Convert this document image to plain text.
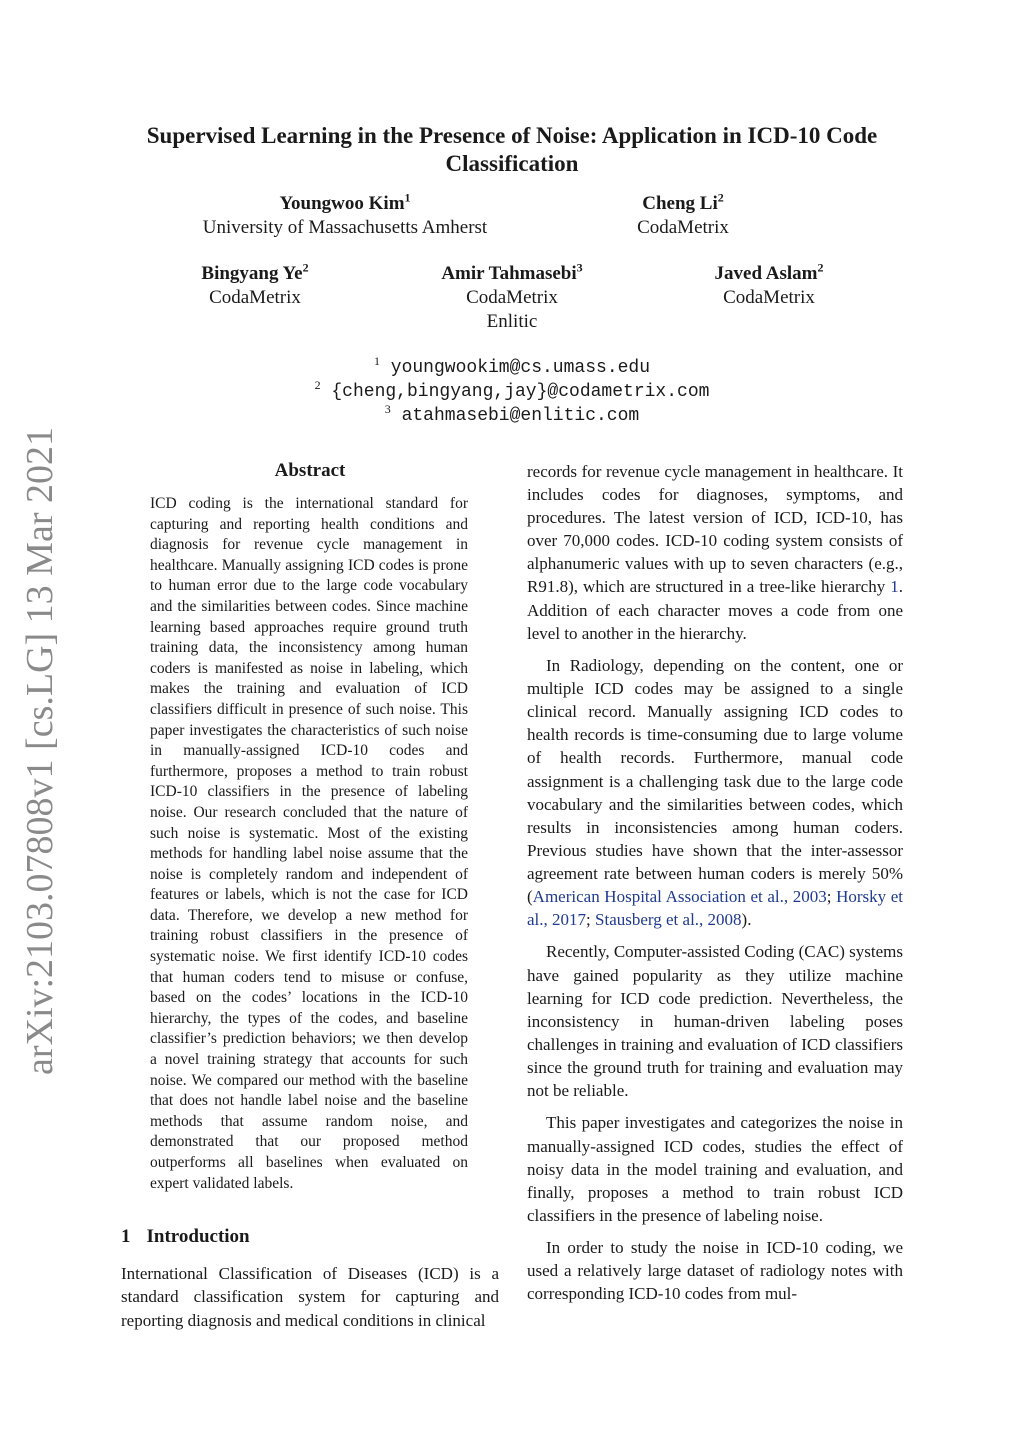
Supervised Learning in the Presence of Noise: Application in ICD-10 Code Classification
Youngwoo Kim$^1$
University of Massachusetts Amherst
Cheng Li$^2$
CodaMetrix
Bingyang Ye$^2$
CodaMetrix
Amir Tahmasebi$^3$
CodaMetrix
Enlitic
Javed Aslam$^2$
CodaMetrix
$^1$ youngwookim@cs.umass.edu
$^2$ {cheng,bingyang,jay}@codametrix.com
$^3$ atahmasebi@enlitic.com
arXiv:2103.07808v1 [cs.LG] 13 Mar 2021	Abstract
ICD coding is the international standard for capturing and reporting health conditions and diagnosis for revenue cycle management in healthcare. Manually assigning ICD codes is prone to human error due to the large code vocabulary and the similarities between codes. Since machine learning based approaches require ground truth training data, the inconsistency among human coders is manifested as noise in labeling, which makes the training and evaluation of ICD classifiers difficult in presence of such noise. This paper investigates the characteristics of such noise in manually-assigned ICD-10 codes and furthermore, proposes a method to train robust ICD-10 classifiers in the presence of labeling noise. Our research concluded that the nature of such noise is systematic. Most of the existing methods for handling label noise assume that the noise is completely random and independent of features or labels, which is not the case for ICD data. Therefore, we develop a new method for training robust classifiers in the presence of systematic noise. We first identify ICD-10 codes that human coders tend to misuse or confuse, based on the codes’ locations in the ICD-10 hierarchy, the types of the codes, and baseline classifier’s prediction behaviors; we then develop a novel training strategy that accounts for such noise. We compared our method with the baseline that does not handle label noise and the baseline methods that assume random noise, and demonstrated that our proposed method outperforms all baselines when evaluated on expert validated labels.
1 Introduction
International Classification of Diseases (ICD) is a standard classification system for capturing and reporting diagnosis and medical conditions in clinical

records for revenue cycle management in healthcare. It includes codes for diagnoses, symptoms, and procedures. The latest version of ICD, ICD-10, has over 70,000 codes. ICD-10 coding system consists of alphanumeric values with up to seven characters (e.g., R91.8), which are structured in a tree-like hierarchy 1. Addition of each character moves a code from one level to another in the hierarchy.

In Radiology, depending on the content, one or multiple ICD codes may be assigned to a single clinical record. Manually assigning ICD codes to health records is time-consuming due to large volume of health records. Furthermore, manual code assignment is a challenging task due to the large code vocabulary and the similarities between codes, which results in inconsistencies among human coders. Previous studies have shown that the inter-assessor agreement rate between human coders is merely 50% (American Hospital Association et al., 2003; Horsky et al., 2017; Stausberg et al., 2008).

Recently, Computer-assisted Coding (CAC) systems have gained popularity as they utilize machine learning for ICD code prediction. Nevertheless, the inconsistency in human-driven labeling poses challenges in training and evaluation of ICD classifiers since the ground truth for training and evaluation may not be reliable.

This paper investigates and categorizes the noise in manually-assigned ICD codes, studies the effect of noisy data in the model training and evaluation, and finally, proposes a method to train robust ICD classifiers in the presence of labeling noise.

In order to study the noise in ICD-10 coding, we used a relatively large dataset of radiology notes with corresponding ICD-10 codes from mul-
